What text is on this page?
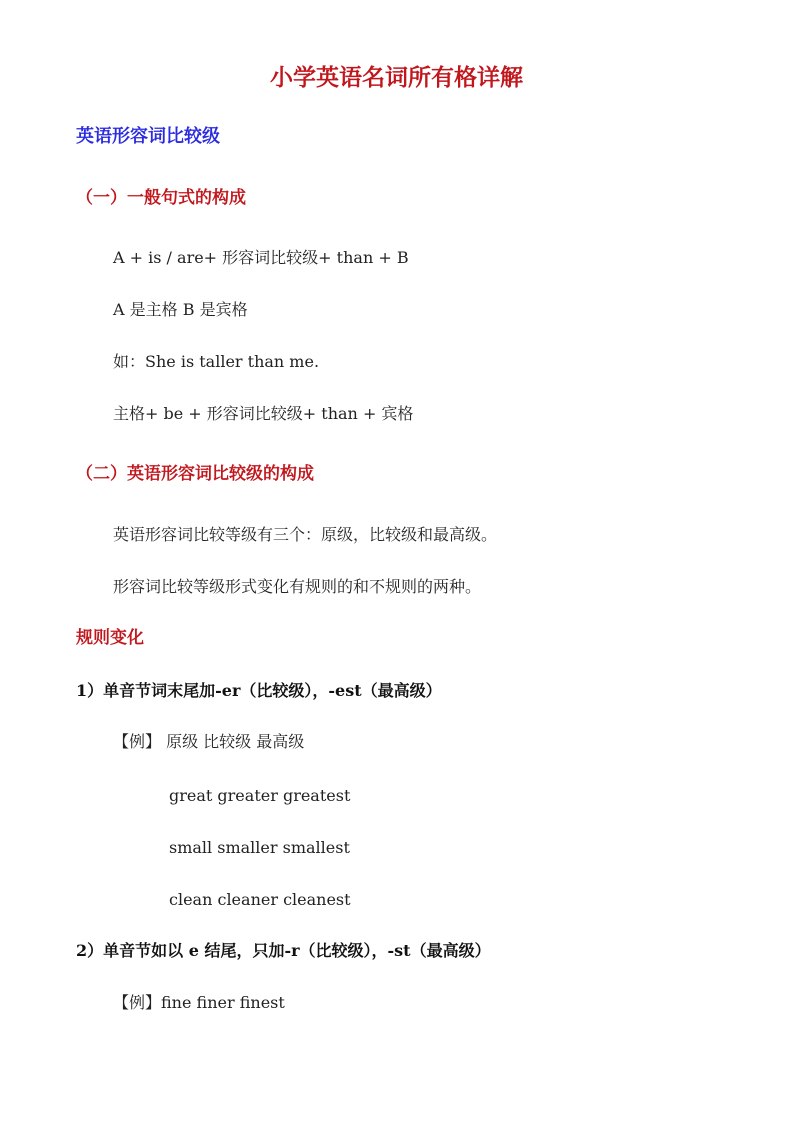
小学英语名词所有格详解
英语形容词比较级
（一）一般句式的构成
A + is / are+ 形容词比较级+ than + B
A 是主格 B 是宾格
如：She is taller than me.
主格+ be + 形容词比较级+ than + 宾格
（二）英语形容词比较级的构成
英语形容词比较等级有三个：原级，比较级和最高级。
形容词比较等级形式变化有规则的和不规则的两种。
规则变化
1）单音节词末尾加-er（比较级），-est（最高级）
【例】 原级 比较级 最高级
great greater greatest
small smaller smallest
clean cleaner cleanest
2）单音节如以 e 结尾，只加-r（比较级），-st（最高级）
【例】fine finer finest
